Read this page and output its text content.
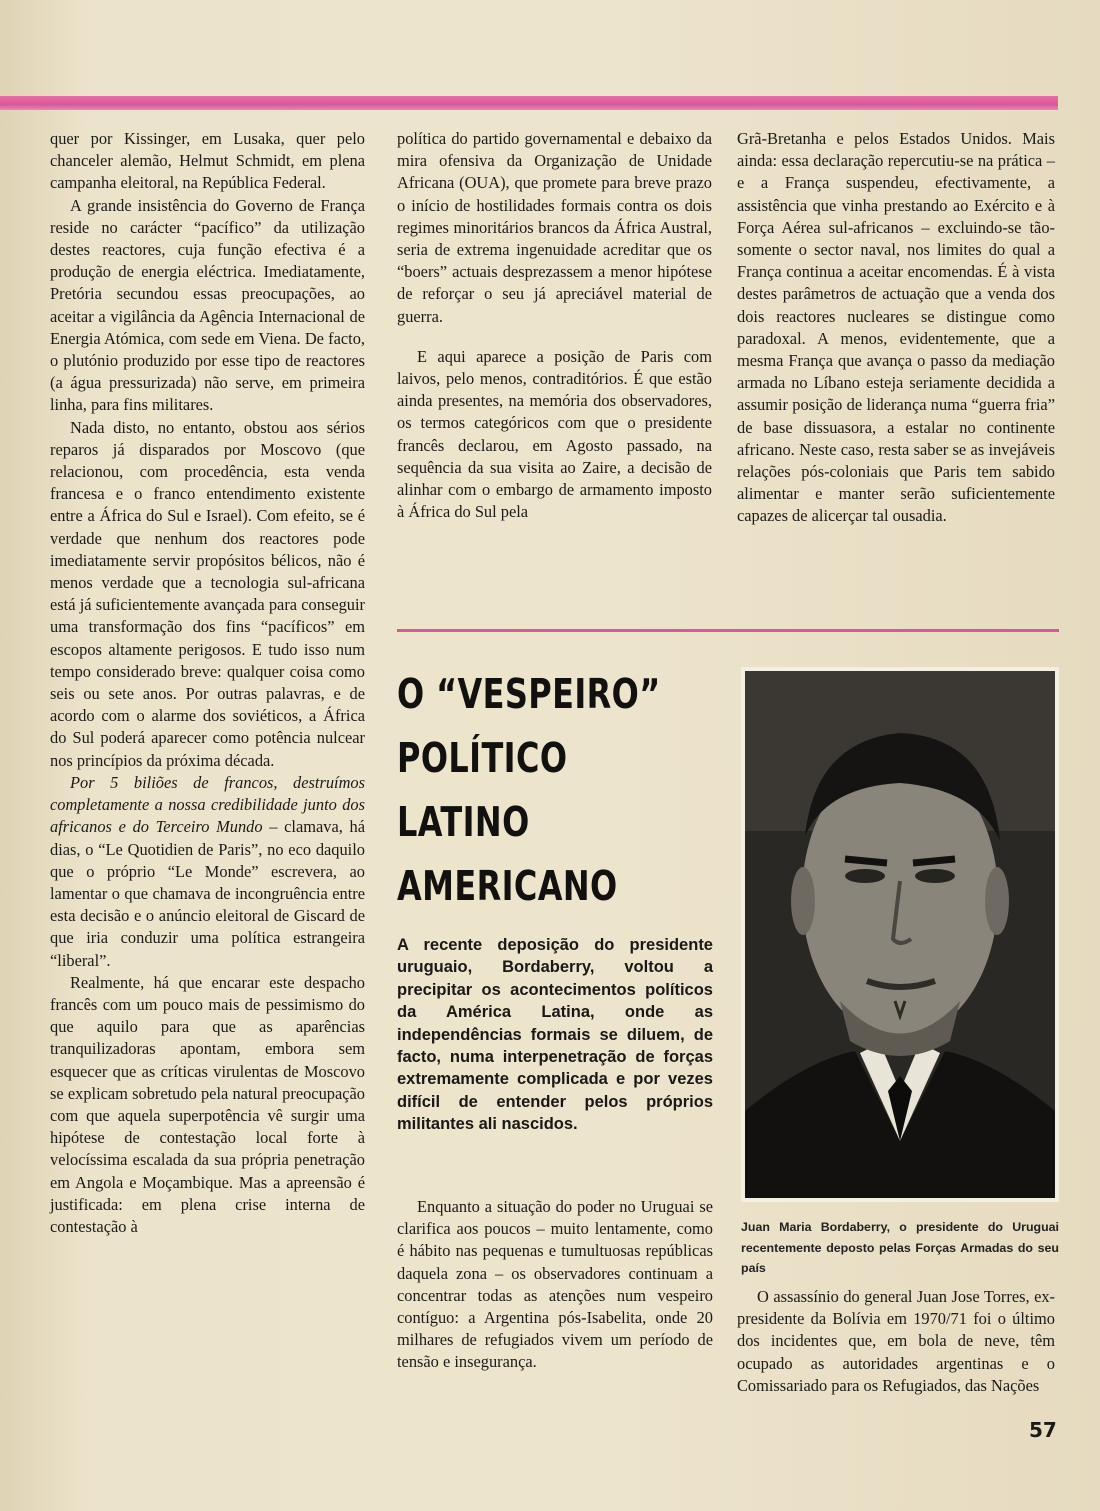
quer por Kissinger, em Lusaka, quer pelo chanceler alemão, Helmut Schmidt, em plena campanha eleitoral, na República Federal.

A grande insistência do Governo de França reside no carácter “pacífico” da utilização destes reactores, cuja função efectiva é a produção de energia eléctrica. Imediatamente, Pretória secundou essas preocupações, ao aceitar a vigilância da Agência Internacional de Energia Atómica, com sede em Viena. De facto, o plutónio produzido por esse tipo de reactores (a água pressurizada) não serve, em primeira linha, para fins militares.

Nada disto, no entanto, obstou aos sérios reparos já disparados por Moscovo (que relacionou, com procedência, esta venda francesa e o franco entendimento existente entre a África do Sul e Israel). Com efeito, se é verdade que nenhum dos reactores pode imediatamente servir propósitos bélicos, não é menos verdade que a tecnologia sul-africana está já suficientemente avançada para conseguir uma transformação dos fins “pacíficos” em escopos altamente perigosos. E tudo isso num tempo considerado breve: qualquer coisa como seis ou sete anos. Por outras palavras, e de acordo com o alarme dos soviéticos, a África do Sul poderá aparecer como potência nulcear nos princípios da próxima década.

Por 5 biliões de francos, destruímos completamente a nossa credibilidade junto dos africanos e do Terceiro Mundo – clamava, há dias, o “Le Quotidien de Paris”, no eco daquilo que o próprio “Le Monde” escrevera, ao lamentar o que chamava de incongruência entre esta decisão e o anúncio eleitoral de Giscard de que iria conduzir uma política estrangeira “liberal”.

Realmente, há que encarar este despacho francês com um pouco mais de pessimismo do que aquilo para que as aparências tranquilizadoras apontam, embora sem esquecer que as críticas virulentas de Moscovo se explicam sobretudo pela natural preocupação com que aquela superpotência vê surgir uma hipótese de contestação local forte à velocíssima escalada da sua própria penetração em Angola e Moçambique. Mas a apreensão é justificada: em plena crise interna de contestação à

política do partido governamental e debaixo da mira ofensiva da Organização de Unidade Africana (OUA), que promete para breve prazo o início de hostilidades formais contra os dois regimes minoritários brancos da África Austral, seria de extrema ingenuidade acreditar que os “boers” actuais desprezassem a menor hipótese de reforçar o seu já apreciável material de guerra.

E aqui aparece a posição de Paris com laivos, pelo menos, contraditórios. É que estão ainda presentes, na memória dos observadores, os termos categóricos com que o presidente francês declarou, em Agosto passado, na sequência da sua visita ao Zaire, a decisão de alinhar com o embargo de armamento imposto à África do Sul pela

Grã-Bretanha e pelos Estados Unidos. Mais ainda: essa declaração repercutiu-se na prática – e a França suspendeu, efectivamente, a assistência que vinha prestando ao Exército e à Força Aérea sul-africanos – excluindo-se tão-somente o sector naval, nos limites do qual a França continua a aceitar encomendas. É à vista destes parâmetros de actuação que a venda dos dois reactores nucleares se distingue como paradoxal. A menos, evidentemente, que a mesma França que avança o passo da mediação armada no Líbano esteja seriamente decidida a assumir posição de liderança numa “guerra fria” de base dissuasora, a estalar no continente africano. Neste caso, resta saber se as invejáveis relações pós-coloniais que Paris tem sabido alimentar e manter serão suficientemente capazes de alicerçar tal ousadia.

O “VESPEIRO”
POLÍTICO
LATINO
AMERICANO
A recente deposição do presidente uruguaio, Bordaberry, voltou a precipitar os acontecimentos políticos da América Latina, onde as independências formais se diluem, de facto, numa interpenetração de forças extremamente complicada e por vezes difícil de entender pelos próprios militantes ali nascidos.
Juan Maria Bordaberry, o presidente do Uruguai recentemente deposto pelas Forças Armadas do seu país

Enquanto a situação do poder no Uruguai se clarifica aos poucos – muito lentamente, como é hábito nas pequenas e tumultuosas repúblicas daquela zona – os observadores continuam a concentrar todas as atenções num vespeiro contíguo: a Argentina pós-Isabelita, onde 20 milhares de refugiados vivem um período de tensão e insegurança.

O assassínio do general Juan Jose Torres, ex-presidente da Bolívia em 1970/71 foi o último dos incidentes que, em bola de neve, têm ocupado as autoridades argentinas e o Comissariado para os Refugiados, das Nações

57
